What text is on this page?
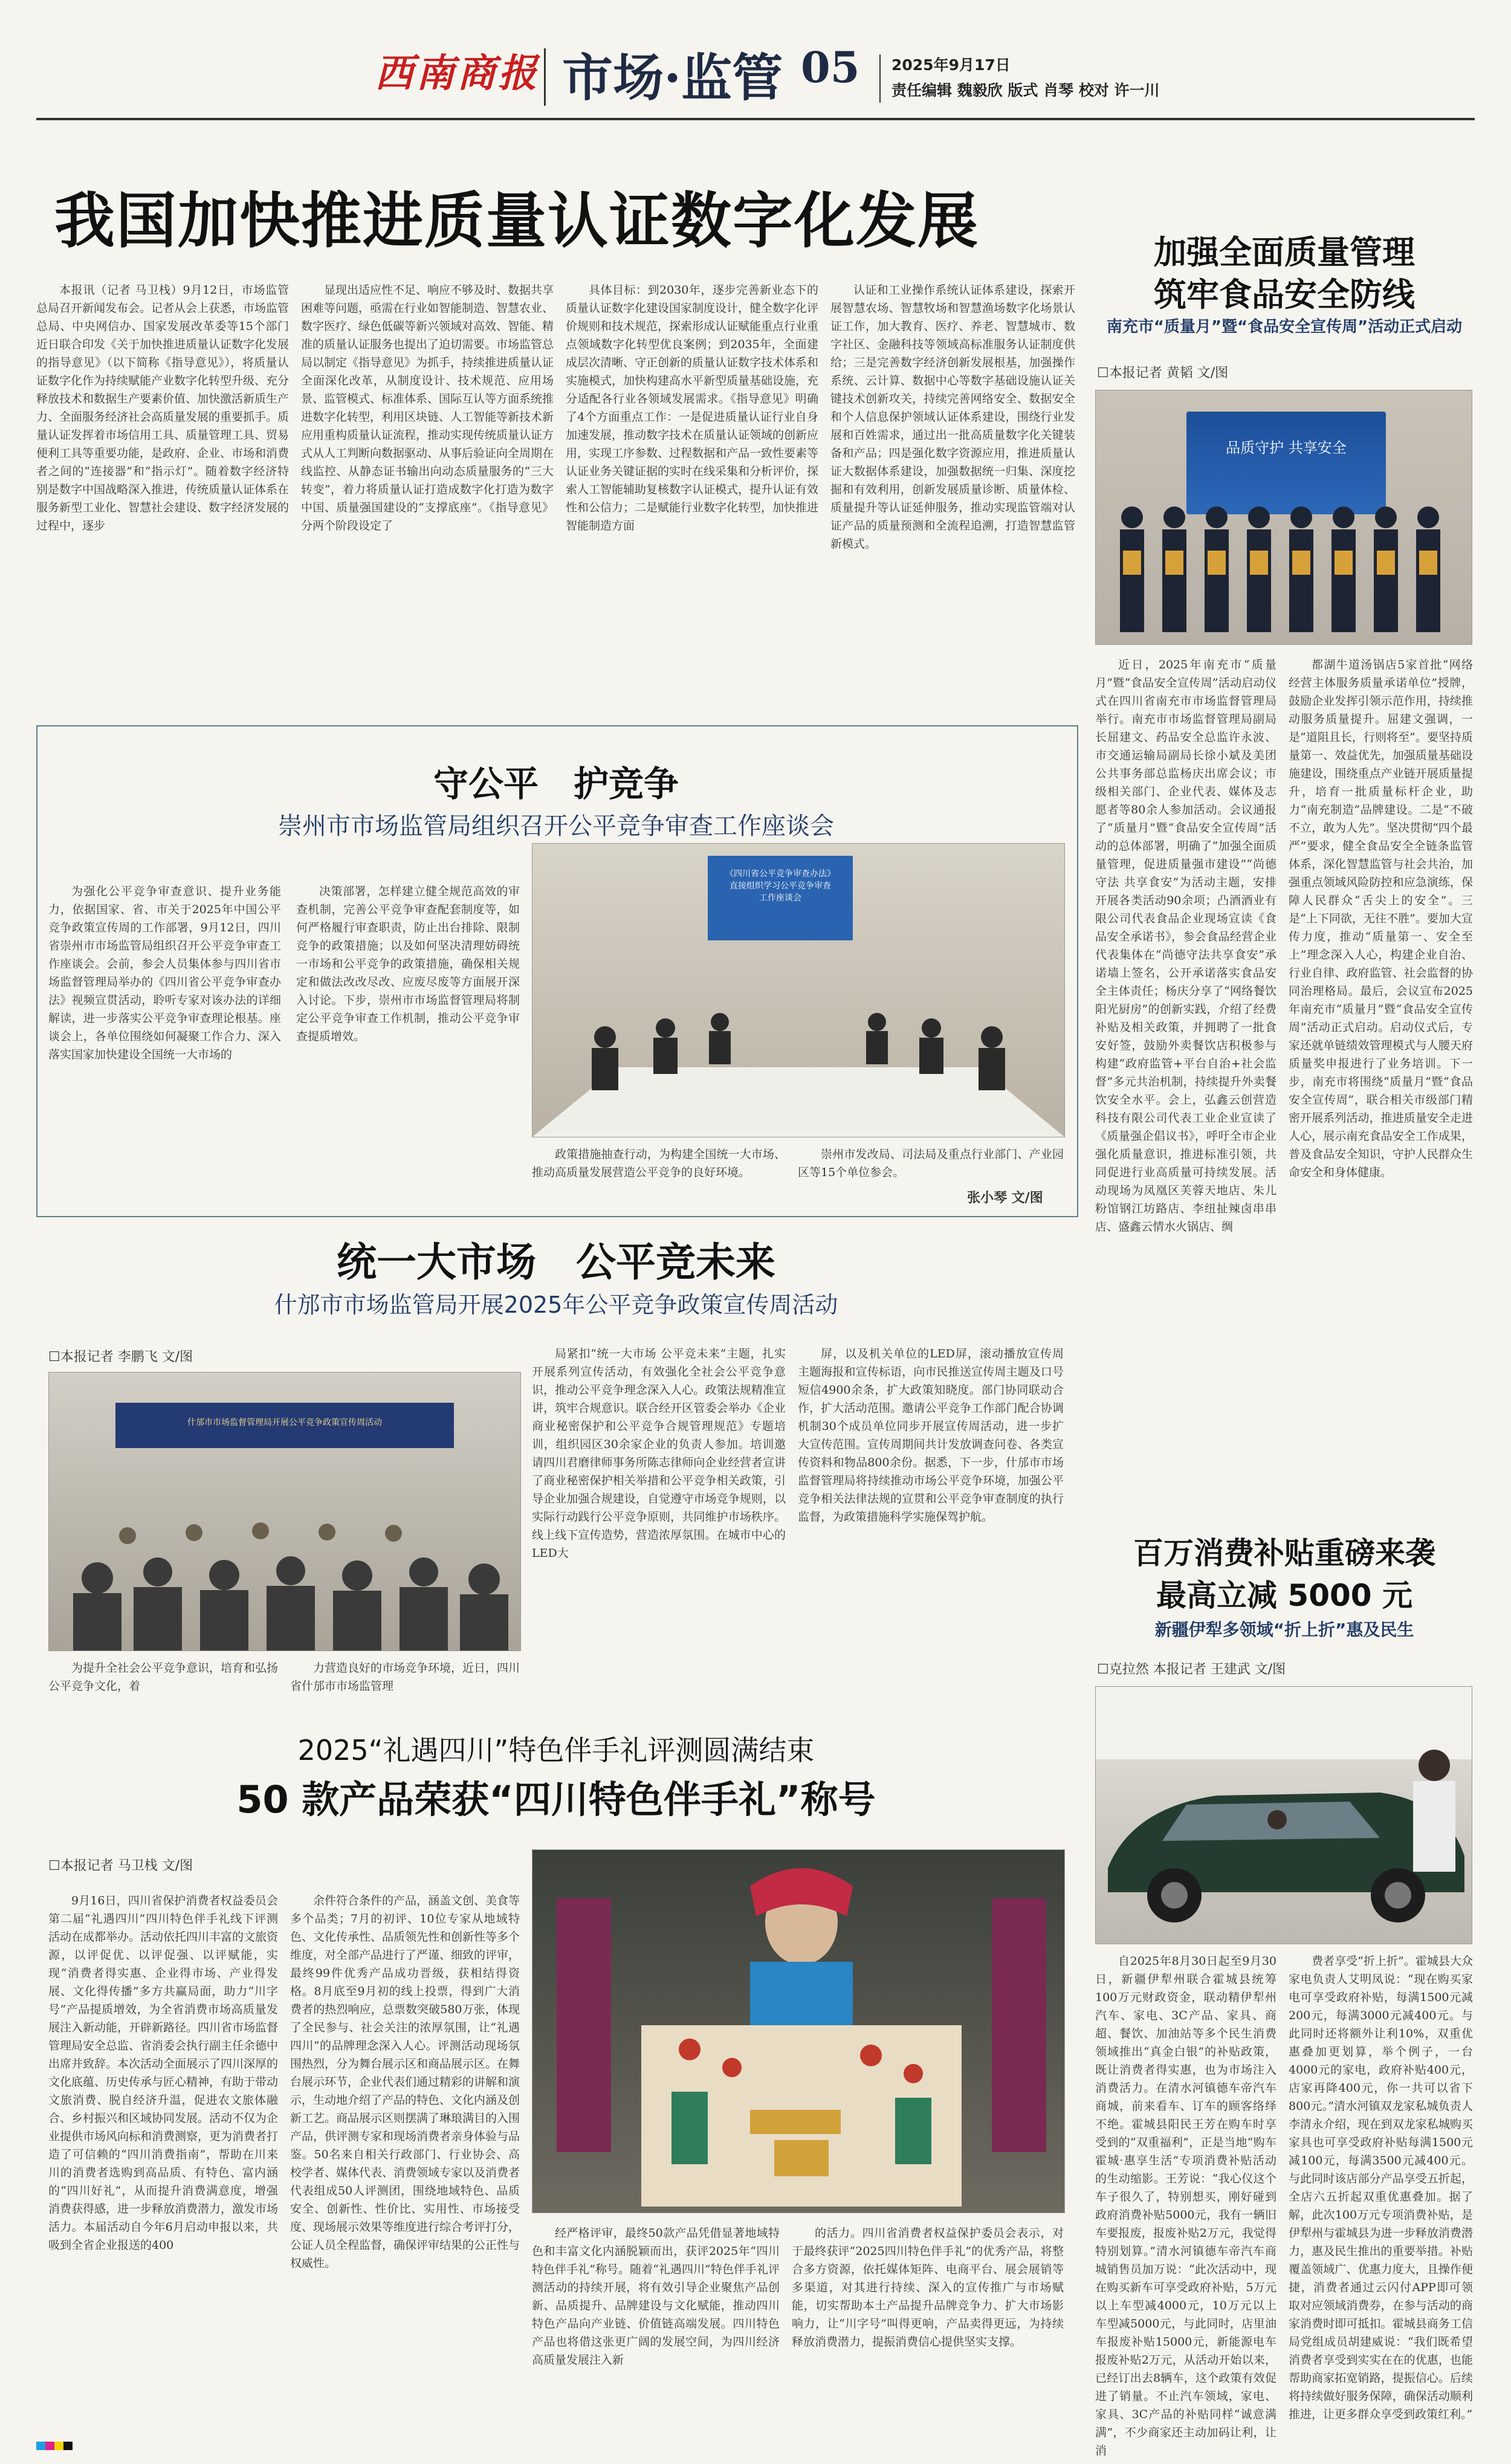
西南商报 市场·监管 05 2025年9月17日
责任编辑 魏毅欣 版式 肖琴 校对 许一川
我国加快推进质量认证数字化发展
本报讯（记者 马卫栈）9月12日，市场监管总局召开新闻发布会。记者从会上获悉，市场监管总局、中央网信办、国家发展改革委等15个部门近日联合印发《关于加快推进质量认证数字化发展的指导意见》（以下简称《指导意见》），将质量认证数字化作为持续赋能产业数字化转型升级、充分释放技术和数据生产要素价值、加快激活新质生产力、全面服务经济社会高质量发展的重要抓手。质量认证发挥着市场信用工具、质量管理工具、贸易便利工具等重要功能，是政府、企业、市场和消费者之间的“连接器”和“指示灯”。随着数字经济特别是数字中国战略深入推进，传统质量认证体系在服务新型工业化、智慧社会建设、数字经济发展的过程中，逐步
显现出适应性不足、响应不够及时、数据共享困难等问题，亟需在行业如智能制造、智慧农业、数字医疗、绿色低碳等新兴领域对高效、智能、精准的质量认证服务也提出了迫切需要。市场监管总局以制定《指导意见》为抓手，持续推进质量认证全面深化改革，从制度设计、技术规范、应用场景、监管模式、标准体系、国际互认等方面系统推进数字化转型，利用区块链、人工智能等新技术新应用重构质量认证流程，推动实现传统质量认证方式从人工判断向数据驱动、从事后验证向全周期在线监控、从静态证书输出向动态质量服务的“三大转变”，着力将质量认证打造成数字化打造为数字中国、质量强国建设的“支撑底座”。《指导意见》分两个阶段设定了
具体目标：到2030年，逐步完善新业态下的质量认证数字化建设国家制度设计，健全数字化评价规则和技术规范，探索形成认证赋能重点行业重点领域数字化转型优良案例；到2035年，全面建成层次清晰、守正创新的质量认证数字技术体系和实施模式，加快构建高水平新型质量基础设施，充分适配各行业各领域发展需求。《指导意见》明确了4个方面重点工作：一是促进质量认证行业自身加速发展，推动数字技术在质量认证领域的创新应用，实现工序参数、过程数据和产品一致性要素等认证业务关键证据的实时在线采集和分析评价，探索人工智能辅助复核数字认证模式，提升认证有效性和公信力；二是赋能行业数字化转型，加快推进智能制造方面
认证和工业操作系统认证体系建设，探索开展智慧农场、智慧牧场和智慧渔场数字化场景认证工作，加大教育、医疗、养老、智慧城市、数字社区、金融科技等领域高标准服务认证制度供给；三是完善数字经济创新发展根基，加强操作系统、云计算、数据中心等数字基础设施认证关键技术创新攻关，持续完善网络安全、数据安全和个人信息保护领域认证体系建设，围绕行业发展和百姓需求，通过出一批高质量数字化关键装备和产品；四是强化数字资源应用，推进质量认证大数据体系建设，加强数据统一归集、深度挖掘和有效利用，创新发展质量诊断、质量体检、质量提升等认证延伸服务，推动实现监管端对认证产品的质量预测和全流程追溯，打造智慧监管新模式。
加强全面质量管理
筑牢食品安全防线
南充市“质量月”暨“食品安全宣传周”活动正式启动
☐本报记者 黄韬 文/图
品质守护 共享安全
近日，2025年南充市“质量月”暨“食品安全宣传周”活动启动仪式在四川省南充市市场监督管理局举行。南充市市场监督管理局副局长屈建文、药品安全总监许永波、市交通运输局副局长徐小斌及美团公共事务部总监杨庆出席会议；市级相关部门、企业代表、媒体及志愿者等80余人参加活动。会议通报了“质量月”暨“食品安全宣传周”活动的总体部署，明确了“加强全面质量管理，促进质量强市建设”“尚德守法 共享食安”为活动主题，安排开展各类活动90余项；凸酒酒业有限公司代表食品企业现场宣读《食品安全承诺书》，参会食品经营企业代表集体在“尚德守法共享食安”承诺墙上签名，公开承诺落实食品安全主体责任；杨庆分享了“网络餐饮阳光厨房”的创新实践，介绍了经费补贴及相关政策，并拥聘了一批食安好签，鼓励外卖餐饮店积极参与构建“政府监管+平台自治+社会监督”多元共治机制，持续提升外卖餐饮安全水平。会上，弘鑫云创营造科技有限公司代表工业企业宣读了《质量强企倡议书》，呼吁全市企业强化质量意识，推进标准引领，共同促进行业高质量可持续发展。活动现场为凤凰区芙蓉天地店、朱儿粉馆钢江坊路店、李纽扯辣卤串串店、盛鑫云情水火锅店、绸
都湖牛道汤锅店5家首批“网络经营主体服务质量承诺单位”授牌，鼓励企业发挥引领示范作用，持续推动服务质量提升。屈建文强调，一是“道阻且长，行则将至”。要坚持质量第一、效益优先，加强质量基础设施建设，围绕重点产业链开展质量提升，培育一批质量标杆企业，助力“南充制造”品牌建设。二是“不破不立，敢为人先”。坚决贯彻“四个最严”要求，健全食品安全全链条监管体系，深化智慧监管与社会共治，加强重点领域风险防控和应急演练，保障人民群众“舌尖上的安全”。三是“上下同欲，无往不胜”。要加大宣传力度，推动“质量第一、安全至上”理念深入人心，构建企业自治、行业自律、政府监管、社会监督的协同治理格局。最后，会议宣布2025年南充市“质量月”暨“食品安全宣传周”活动正式启动。启动仪式后，专家还就单链绩效管理模式与人腰天府质量奖申报进行了业务培训。下一步，南充市将围绕“质量月”暨“食品安全宣传周”，联合相关市级部门精密开展系列活动，推进质量安全走进人心，展示南充食品安全工作成果，普及食品安全知识，守护人民群众生命安全和身体健康。
守公平　护竞争
崇州市市场监管局组织召开公平竞争审查工作座谈会
《四川省公平竞争审查办法》
直接组织学习公平竞争审查
工作座谈会
为强化公平竞争审查意识、提升业务能力，依据国家、省、市关于2025年中国公平竞争政策宣传周的工作部署，9月12日，四川省崇州市市场监管局组织召开公平竞争审查工作座谈会。会前，参会人员集体参与四川省市场监督管理局举办的《四川省公平竞争审查办法》视频宣贯活动，聆听专家对该办法的详细解读，进一步落实公平竞争审查理论根基。座谈会上，各单位围绕如何凝聚工作合力、深入落实国家加快建设全国统一大市场的
决策部署，怎样建立健全规范高效的审查机制，完善公平竞争审查配套制度等，如何严格履行审查职责，防止出台排除、限制竞争的政策措施；以及如何坚决清理妨碍统一市场和公平竞争的政策措施，确保相关规定和做法改改尽改、应废尽废等方面展开深入讨论。下步，崇州市市场监督管理局将制定公平竞争审查工作机制，推动公平竞争审查提质增效。
政策措施抽查行动，为构建全国统一大市场、推动高质量发展营造公平竞争的良好环境。
崇州市发改局、司法局及重点行业部门、产业园区等15个单位参会。
张小琴 文/图
统一大市场　公平竞未来
什邡市市场监管局开展2025年公平竞争政策宣传周活动
☐本报记者 李鹏飞 文/图
什邡市市场监督管理局开展公平竞争政策宣传周活动
为提升全社会公平竞争意识，培育和弘扬公平竞争文化，着
力营造良好的市场竞争环境，近日，四川省什邡市市场监管理
局紧扣“统一大市场 公平竞未来”主题，扎实开展系列宣传活动，有效强化全社会公平竞争意识，推动公平竞争理念深入人心。政策法规精准宣讲，筑牢合规意识。联合经开区管委会举办《企业商业秘密保护和公平竞争合规管理规范》专题培训，组织园区30余家企业的负责人参加。培训邀请四川君磨律师事务所陈志律师向企业经营者宣讲了商业秘密保护相关举措和公平竞争相关政策，引导企业加强合规建设，自觉遵守市场竞争规则，以实际行动践行公平竞争原则，共同维护市场秩序。线上线下宣传造势，营造浓厚氛围。在城市中心的LED大
屏，以及机关单位的LED屏，滚动播放宣传周主题海报和宣传标语，向市民推送宣传周主题及口号短信4900余条，扩大政策知晓度。部门协同联动合作，扩大活动范围。邀请公平竞争工作部门配合协调机制30个成员单位同步开展宣传周活动，进一步扩大宣传范围。宣传周期间共计发放调查问卷、各类宣传资料和物品800余份。据悉，下一步，什邡市市场监督管理局将持续推动市场公平竞争环境，加强公平竞争相关法律法规的宣贯和公平竞争审查制度的执行监督，为政策措施科学实施保驾护航。
百万消费补贴重磅来袭
最高立减 5000 元
新疆伊犁多领域“折上折”惠及民生
☐克拉然 本报记者 王建武 文/图
自2025年8月30日起至9月30日，新疆伊犁州联合霍城县统筹100万元财政资金，联动精伊犁州汽车、家电、3C产品、家具、商超、餐饮、加油站等多个民生消费领域推出“真金白银”的补贴政策，既让消费者得实惠，也为市场注入消费活力。在清水河镇德车帝汽车商城，前来看车、订车的顾客络绎不绝。霍城县阳民王芳在购车时享受到的“双重福利”，正是当地“购车霍城·惠享生活”专项消费补贴活动的生动缩影。王芳说：“我心仪这个车子很久了，特别想买，刚好碰到政府消费补贴5000元，我有一辆旧车要报废，报废补贴2万元，我觉得特别划算。”清水河镇德车帝汽车商城销售员加万说：“此次活动中，现在购买新车可享受政府补贴，5万元以上车型减4000元，10万元以上车型减5000元，与此同时，店里油车报废补贴15000元，新能源电车报废补贴2万元，从活动开始以来，已经订出去8辆车，这个政策有效促进了销量。不止汽车领域，家电、家具、3C产品的补贴同样“诚意满满”，不少商家还主动加码让利，让消
费者享受“折上折”。霍城县大众家电负责人艾明凤说：“现在购买家电可享受政府补贴，每满1500元减200元，每满3000元减400元。与此同时还将额外让利10%，双重优惠叠加更划算，举个例子，一台4000元的家电，政府补贴400元，店家再降400元，你一共可以省下800元。”清水河镇双龙家私城负责人李清永介绍，现在到双龙家私城购买家具也可享受政府补贴每满1500元减100元，每满3500元减400元。与此同时该店部分产品享受五折起，全店六五折起双重优惠叠加。据了解，此次100万元专项消费补贴，是伊犁州与霍城县为进一步释放消费潜力，惠及民生推出的重要举措。补贴覆盖领域广、优惠力度大，且操作便捷，消费者通过云闪付APP即可领取对应领域消费券，在参与活动的商家消费时即可抵扣。霍城县商务工信局党组成员胡建威说：“我们既希望消费者享受到实实在在的优惠，也能帮助商家拓宽销路，提振信心。后续将持续做好服务保障，确保活动顺利推进，让更多群众享受到政策红利。”
2025“礼遇四川”特色伴手礼评测圆满结束
50 款产品荣获“四川特色伴手礼”称号
☐本报记者 马卫栈 文/图
9月16日，四川省保护消费者权益委员会第二届“礼遇四川”四川特色伴手礼线下评测活动在成都举办。活动依托四川丰富的文旅资源，以评促优、以评促强、以评赋能，实现“消费者得实惠、企业得市场、产业得发展、文化得传播”多方共赢局面，助力“川字号”产品提质增效，为全省消费市场高质量发展注入新动能，开辟新路径。四川省市场监督管理局安全总监、省消委会执行副主任余德中出席并致辞。本次活动全面展示了四川深厚的文化底蕴、历史传承与匠心精神，有助于带动文旅消费、脱自经济升温，促进农文旅体融合、乡村振兴和区域协同发展。活动不仅为企业提供市场风向标和消费测察，更为消费者打造了可信赖的“四川消费指南”，帮助在川来川的消费者选购到高品质、有特色、富内涵的“四川好礼”，从而提升消费满意度，增强消费获得感，进一步释放消费潜力，激发市场活力。本届活动自今年6月启动申报以来，共吸到全省企业报送的400
余件符合条件的产品，涵盖文创、美食等多个品类；7月的初评、10位专家从地域特色、文化传承性、品质领先性和创新性等多个维度，对全部产品进行了严谨、细致的评审，最终99件优秀产品成功晋级，获相结得资格。8月底至9月初的线上投票，得到广大消费者的热烈响应，总票数突破580万张，体现了全民参与、社会关注的浓厚氛围，让“礼遇四川”的品牌理念深入人心。评测活动现场氛围热烈，分为舞台展示区和商品展示区。在舞台展示环节，企业代表们通过精彩的讲解和演示，生动地介绍了产品的特色、文化内涵及创新工艺。商品展示区则摆满了琳琅满目的入围产品，供评测专家和现场消费者亲身体验与品鉴。50名来自相关行政部门、行业协会、高校学者、媒体代表、消费领域专家以及消费者代表组成50人评测团，围绕地域特色、品质安全、创新性、性价比、实用性、市场接受度、现场展示效果等维度进行综合考评打分，公证人员全程监督，确保评审结果的公正性与权威性。
经严格评审，最终50款产品凭借显著地域特色和丰富文化内涵脱颖而出，获评2025年“四川特色伴手礼”称号。随着“礼遇四川”特色伴手礼评测活动的持续开展，将有效引导企业聚焦产品创新、品质提升、品牌建设与文化赋能，推动四川特色产品向产业链、价值链高端发展。四川特色产品也将借这张更广阔的发展空间，为四川经济高质量发展注入新
的活力。四川省消费者权益保护委员会表示，对于最终获评“2025四川特色伴手礼”的优秀产品，将整合多方资源，依托媒体矩阵、电商平台、展会展销等多渠道，对其进行持续、深入的宣传推广与市场赋能，切实帮助本土产品提升品牌竞争力、扩大市场影响力，让“川字号”叫得更响，产品卖得更远，为持续释放消费潜力，提振消费信心提供坚实支撑。
